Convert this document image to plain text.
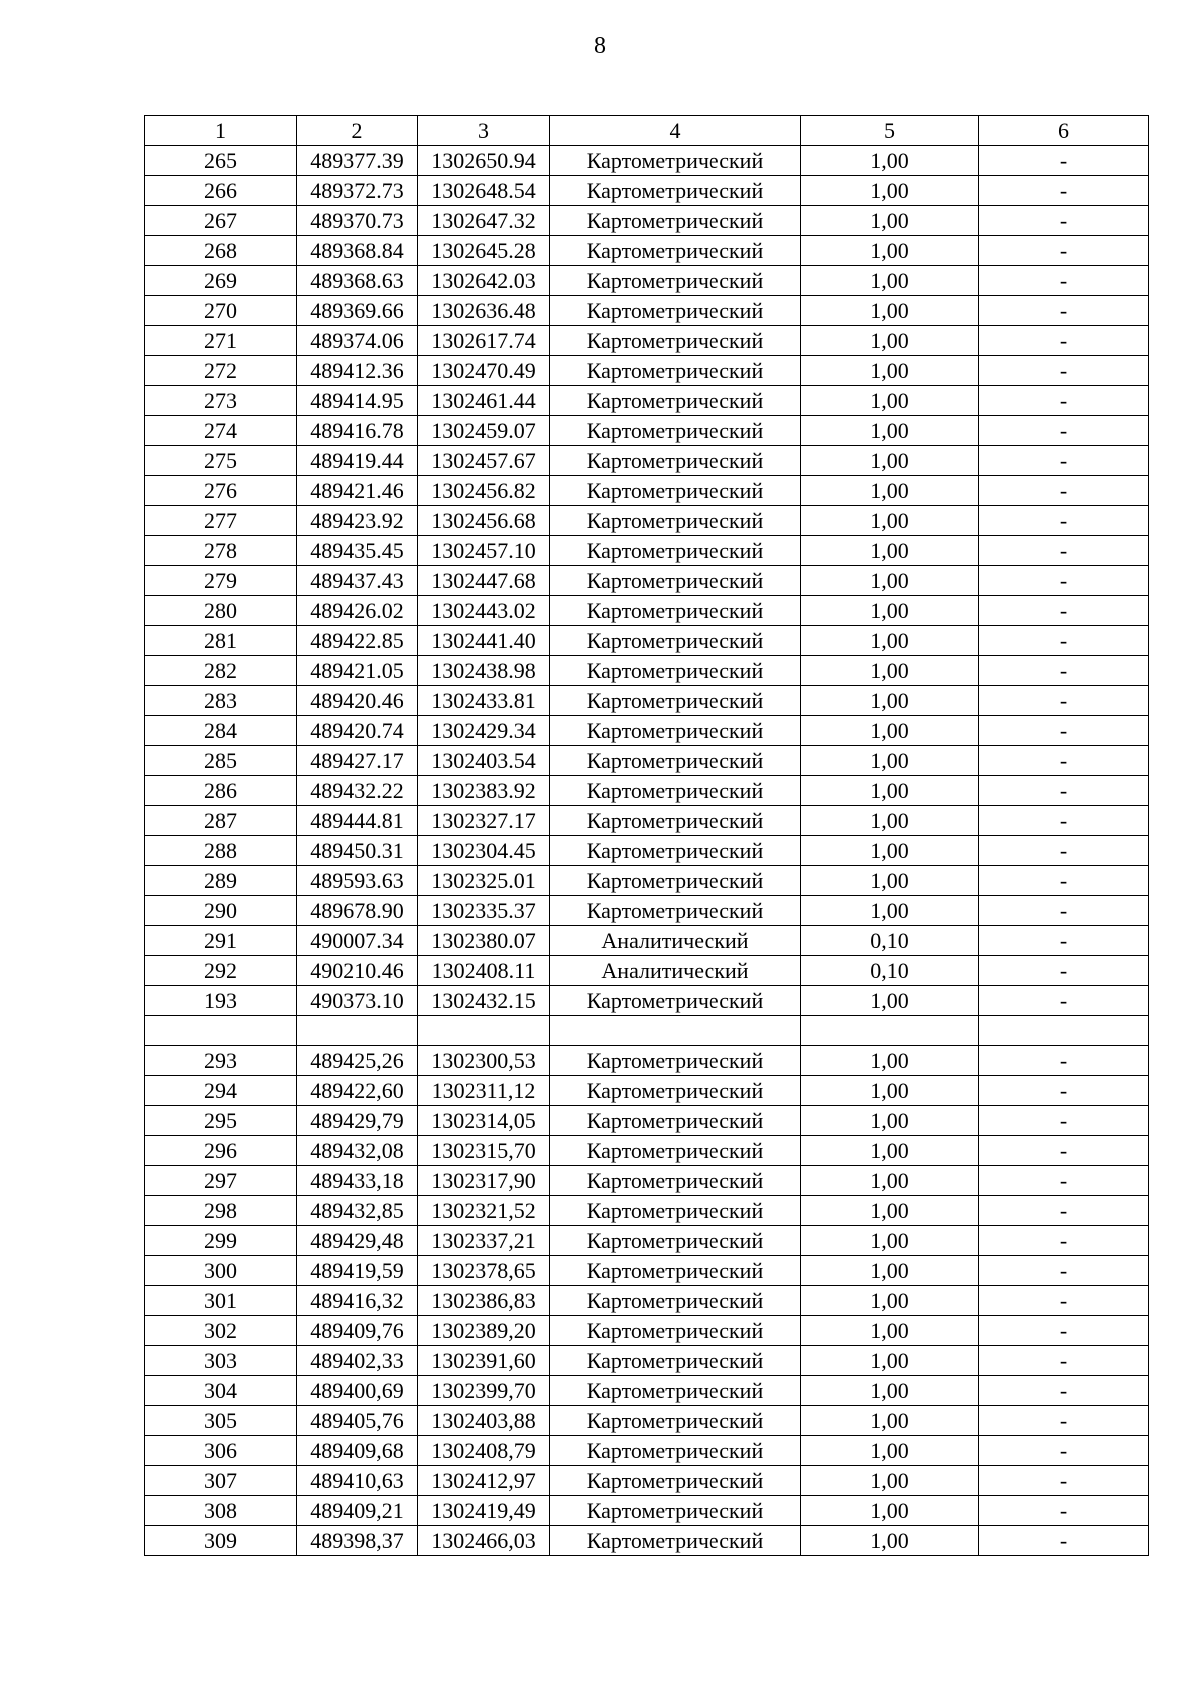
8
1	2	3	4	5	6
265	489377.39	1302650.94	Картометрический	1,00	-
266	489372.73	1302648.54	Картометрический	1,00	-
267	489370.73	1302647.32	Картометрический	1,00	-
268	489368.84	1302645.28	Картометрический	1,00	-
269	489368.63	1302642.03	Картометрический	1,00	-
270	489369.66	1302636.48	Картометрический	1,00	-
271	489374.06	1302617.74	Картометрический	1,00	-
272	489412.36	1302470.49	Картометрический	1,00	-
273	489414.95	1302461.44	Картометрический	1,00	-
274	489416.78	1302459.07	Картометрический	1,00	-
275	489419.44	1302457.67	Картометрический	1,00	-
276	489421.46	1302456.82	Картометрический	1,00	-
277	489423.92	1302456.68	Картометрический	1,00	-
278	489435.45	1302457.10	Картометрический	1,00	-
279	489437.43	1302447.68	Картометрический	1,00	-
280	489426.02	1302443.02	Картометрический	1,00	-
281	489422.85	1302441.40	Картометрический	1,00	-
282	489421.05	1302438.98	Картометрический	1,00	-
283	489420.46	1302433.81	Картометрический	1,00	-
284	489420.74	1302429.34	Картометрический	1,00	-
285	489427.17	1302403.54	Картометрический	1,00	-
286	489432.22	1302383.92	Картометрический	1,00	-
287	489444.81	1302327.17	Картометрический	1,00	-
288	489450.31	1302304.45	Картометрический	1,00	-
289	489593.63	1302325.01	Картометрический	1,00	-
290	489678.90	1302335.37	Картометрический	1,00	-
291	490007.34	1302380.07	Аналитический	0,10	-
292	490210.46	1302408.11	Аналитический	0,10	-
193	490373.10	1302432.15	Картометрический	1,00	-

293	489425,26	1302300,53	Картометрический	1,00	-
294	489422,60	1302311,12	Картометрический	1,00	-
295	489429,79	1302314,05	Картометрический	1,00	-
296	489432,08	1302315,70	Картометрический	1,00	-
297	489433,18	1302317,90	Картометрический	1,00	-
298	489432,85	1302321,52	Картометрический	1,00	-
299	489429,48	1302337,21	Картометрический	1,00	-
300	489419,59	1302378,65	Картометрический	1,00	-
301	489416,32	1302386,83	Картометрический	1,00	-
302	489409,76	1302389,20	Картометрический	1,00	-
303	489402,33	1302391,60	Картометрический	1,00	-
304	489400,69	1302399,70	Картометрический	1,00	-
305	489405,76	1302403,88	Картометрический	1,00	-
306	489409,68	1302408,79	Картометрический	1,00	-
307	489410,63	1302412,97	Картометрический	1,00	-
308	489409,21	1302419,49	Картометрический	1,00	-
309	489398,37	1302466,03	Картометрический	1,00	-
